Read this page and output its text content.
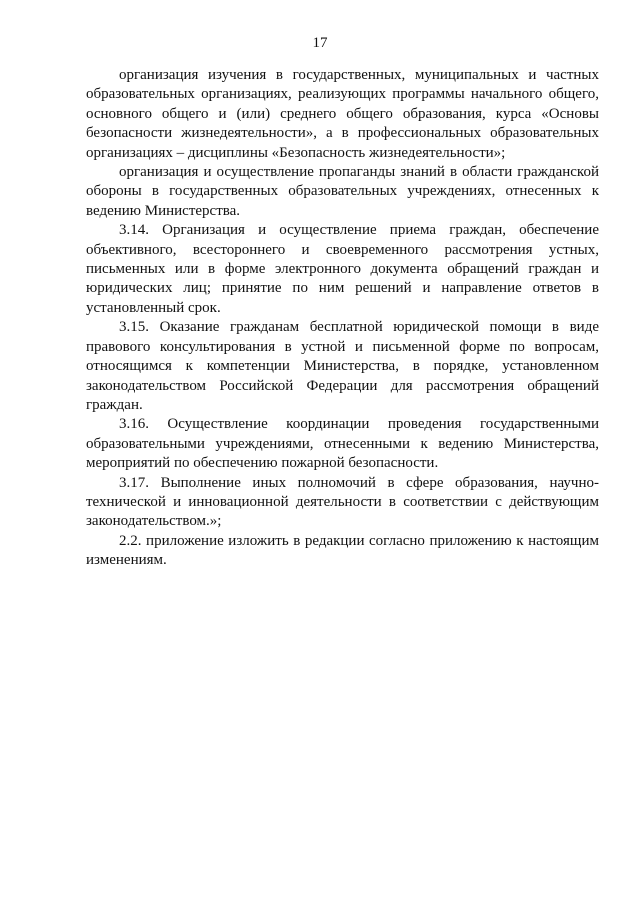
17

организация изучения в государственных, муниципальных и частных образовательных организациях, реализующих программы начального общего, основного общего и (или) среднего общего образования, курса «Основы безопасности жизнедеятельности», а в профессиональных образовательных организациях – дисциплины «Безопасность жизнедеятельности»;

организация и осуществление пропаганды знаний в области гражданской обороны в государственных образовательных учреждениях, отнесенных к ведению Министерства.

3.14. Организация и осуществление приема граждан, обеспечение объективного, всестороннего и своевременного рассмотрения устных, письменных или в форме электронного документа обращений граждан и юридических лиц; принятие по ним решений и направление ответов в установленный срок.

3.15. Оказание гражданам бесплатной юридической помощи в виде правового консультирования в устной и письменной форме по вопросам, относящимся к компетенции Министерства, в порядке, установленном законодательством Российской Федерации для рассмотрения обращений граждан.

3.16. Осуществление координации проведения государственными образовательными учреждениями, отнесенными к ведению Министерства, мероприятий по обеспечению пожарной безопасности.

3.17. Выполнение иных полномочий в сфере образования, научно-технической и инновационной деятельности в соответствии с действующим законодательством.»;

2.2. приложение изложить в редакции согласно приложению к настоящим изменениям.
